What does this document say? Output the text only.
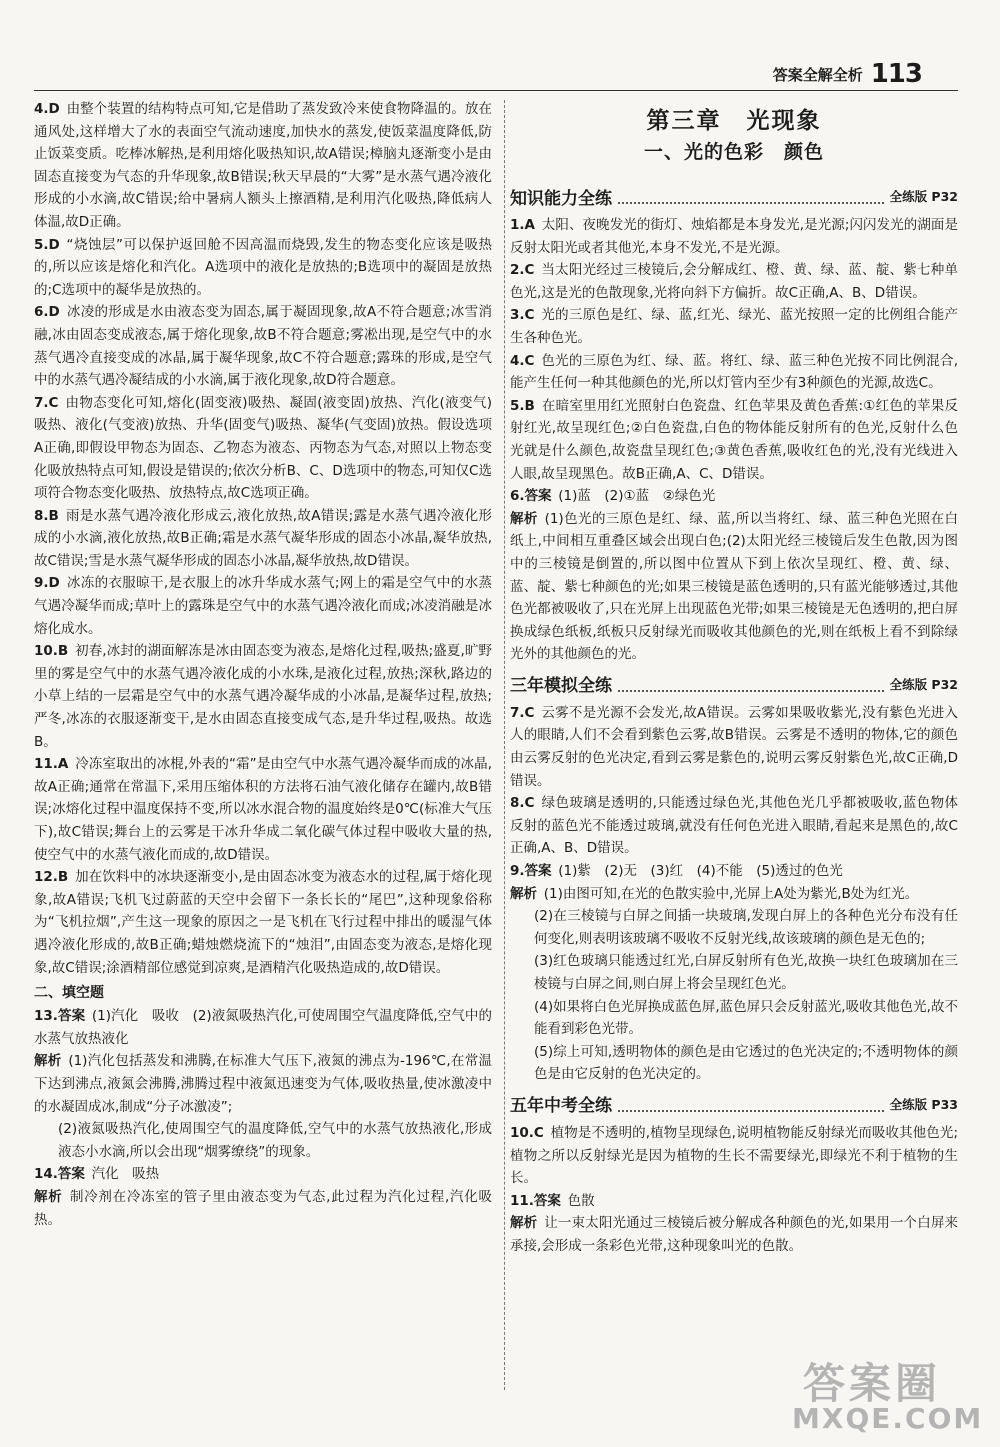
答案全解全析 113

4.D  由整个装置的结构特点可知,它是借助了蒸发致冷来使食物降温的。放在通风处,这样增大了水的表面空气流动速度,加快水的蒸发,使饭菜温度降低,防止饭菜变质。吃棒冰解热,是利用熔化吸热知识,故A错误;樟脑丸逐渐变小是由固态直接变为气态的升华现象,故B错误;秋天早晨的“大雾”是水蒸气遇冷液化形成的小水滴,故C错误;给中暑病人额头上擦酒精,是利用汽化吸热,降低病人体温,故D正确。

5.D  “烧蚀层”可以保护返回舱不因高温而烧毁,发生的物态变化应该是吸热的,所以应该是熔化和汽化。A选项中的液化是放热的;B选项中的凝固是放热的;C选项中的凝华是放热的。

6.D  冰凌的形成是水由液态变为固态,属于凝固现象,故A不符合题意;冰雪消融,冰由固态变成液态,属于熔化现象,故B不符合题意;雾凇出现,是空气中的水蒸气遇冷直接变成的冰晶,属于凝华现象,故C不符合题意;露珠的形成,是空气中的水蒸气遇冷凝结成的小水滴,属于液化现象,故D符合题意。

7.C  由物态变化可知,熔化(固变液)吸热、凝固(液变固)放热、汽化(液变气)吸热、液化(气变液)放热、升华(固变气)吸热、凝华(气变固)放热。假设选项A正确,即假设甲物态为固态、乙物态为液态、丙物态为气态,对照以上物态变化吸放热特点可知,假设是错误的;依次分析B、C、D选项中的物态,可知仅C选项符合物态变化吸热、放热特点,故C选项正确。

8.B  雨是水蒸气遇冷液化形成云,液化放热,故A错误;露是水蒸气遇冷液化形成的小水滴,液化放热,故B正确;霜是水蒸气凝华形成的固态小冰晶,凝华放热,故C错误;雪是水蒸气凝华形成的固态小冰晶,凝华放热,故D错误。

9.D  冰冻的衣服晾干,是衣服上的冰升华成水蒸气;网上的霜是空气中的水蒸气遇冷凝华而成;草叶上的露珠是空气中的水蒸气遇冷液化而成;冰凌消融是冰熔化成水。

10.B  初春,冰封的湖面解冻是冰由固态变为液态,是熔化过程,吸热;盛夏,旷野里的雾是空气中的水蒸气遇冷液化成的小水珠,是液化过程,放热;深秋,路边的小草上结的一层霜是空气中的水蒸气遇冷凝华成的小冰晶,是凝华过程,放热;严冬,冰冻的衣服逐渐变干,是水由固态直接变成气态,是升华过程,吸热。故选B。

11.A  冷冻室取出的冰棍,外表的“霜”是由空气中水蒸气遇冷凝华而成的冰晶,故A正确;通常在常温下,采用压缩体积的方法将石油气液化储存在罐内,故B错误;冰熔化过程中温度保持不变,所以冰水混合物的温度始终是0℃(标准大气压下),故C错误;舞台上的云雾是干冰升华成二氧化碳气体过程中吸收大量的热,使空气中的水蒸气液化而成的,故D错误。

12.B  加在饮料中的冰块逐渐变小,是由固态冰变为液态水的过程,属于熔化现象,故A错误;飞机飞过蔚蓝的天空中会留下一条长长的“尾巴”,这种现象俗称为“飞机拉烟”,产生这一现象的原因之一是飞机在飞行过程中排出的暖湿气体遇冷液化形成的,故B正确;蜡烛燃烧流下的“烛泪”,由固态变为液态,是熔化现象,故C错误;涂酒精部位感觉到凉爽,是酒精汽化吸热造成的,故D错误。

二、填空题

13.答案  (1)汽化　吸收　(2)液氮吸热汽化,可使周围空气温度降低,空气中的水蒸气放热液化

解析  (1)汽化包括蒸发和沸腾,在标准大气压下,液氮的沸点为-196℃,在常温下达到沸点,液氮会沸腾,沸腾过程中液氮迅速变为气体,吸收热量,使冰激凌中的水凝固成冰,制成“分子冰激凌”;

(2)液氮吸热汽化,使周围空气的温度降低,空气中的水蒸气放热液化,形成液态小水滴,所以会出现“烟雾缭绕”的现象。

14.答案  汽化　吸热

解析  制冷剂在冷冻室的管子里由液态变为气态,此过程为汽化过程,汽化吸热。

第三章　光现象
一、光的色彩　颜色
知识能力全练	全练版 P32

1.A  太阳、夜晚发光的街灯、烛焰都是本身发光,是光源;闪闪发光的湖面是反射太阳光或者其他光,本身不发光,不是光源。

2.C  当太阳光经过三棱镜后,会分解成红、橙、黄、绿、蓝、靛、紫七种单色光,这是光的色散现象,光将向斜下方偏折。故C正确,A、B、D错误。

3.C  光的三原色是红、绿、蓝,红光、绿光、蓝光按照一定的比例组合能产生各种色光。

4.C  色光的三原色为红、绿、蓝。将红、绿、蓝三种色光按不同比例混合,能产生任何一种其他颜色的光,所以灯管内至少有3种颜色的光源,故选C。

5.B  在暗室里用红光照射白色瓷盘、红色苹果及黄色香蕉:①红色的苹果反射红光,故呈现红色;②白色瓷盘,白色的物体能反射所有的色光,反射什么色光就是什么颜色,故瓷盘呈现红色;③黄色香蕉,吸收红色的光,没有光线进入人眼,故呈现黑色。故B正确,A、C、D错误。

6.答案  (1)蓝　(2)①蓝　②绿色光

解析  (1)色光的三原色是红、绿、蓝,所以当将红、绿、蓝三种色光照在白纸上,中间相互重叠区域会出现白色;(2)太阳光经三棱镜后发生色散,因为图中的三棱镜是倒置的,所以图中位置从下到上依次呈现红、橙、黄、绿、蓝、靛、紫七种颜色的光;如果三棱镜是蓝色透明的,只有蓝光能够透过,其他色光都被吸收了,只在光屏上出现蓝色光带;如果三棱镜是无色透明的,把白屏换成绿色纸板,纸板只反射绿光而吸收其他颜色的光,则在纸板上看不到除绿光外的其他颜色的光。

三年模拟全练	全练版 P32

7.C  云雾不是光源不会发光,故A错误。云雾如果吸收紫光,没有紫色光进入人的眼睛,人们不会看到紫色云雾,故B错误。云雾是不透明的物体,它的颜色由云雾反射的色光决定,看到云雾是紫色的,说明云雾反射紫色光,故C正确,D错误。

8.C  绿色玻璃是透明的,只能透过绿色光,其他色光几乎都被吸收,蓝色物体反射的蓝色光不能透过玻璃,就没有任何色光进入眼睛,看起来是黑色的,故C正确,A、B、D错误。

9.答案  (1)紫　(2)无　(3)红　(4)不能　(5)透过的色光

解析  (1)由图可知,在光的色散实验中,光屏上A处为紫光,B处为红光。

(2)在三棱镜与白屏之间插一块玻璃,发现白屏上的各种色光分布没有任何变化,则表明该玻璃不吸收不反射光线,故该玻璃的颜色是无色的;

(3)红色玻璃只能透过红光,白屏反射所有色光,故换一块红色玻璃加在三棱镜与白屏之间,则白屏上将会呈现红色光。

(4)如果将白色光屏换成蓝色屏,蓝色屏只会反射蓝光,吸收其他色光,故不能看到彩色光带。

(5)综上可知,透明物体的颜色是由它透过的色光决定的;不透明物体的颜色是由它反射的色光决定的。

五年中考全练	全练版 P33

10.C  植物是不透明的,植物呈现绿色,说明植物能反射绿光而吸收其他色光;植物之所以反射绿光是因为植物的生长不需要绿光,即绿光不利于植物的生长。

11.答案  色散

解析  让一束太阳光通过三棱镜后被分解成各种颜色的光,如果用一个白屏来承接,会形成一条彩色光带,这种现象叫光的色散。

答案圈
MXQE.COM
